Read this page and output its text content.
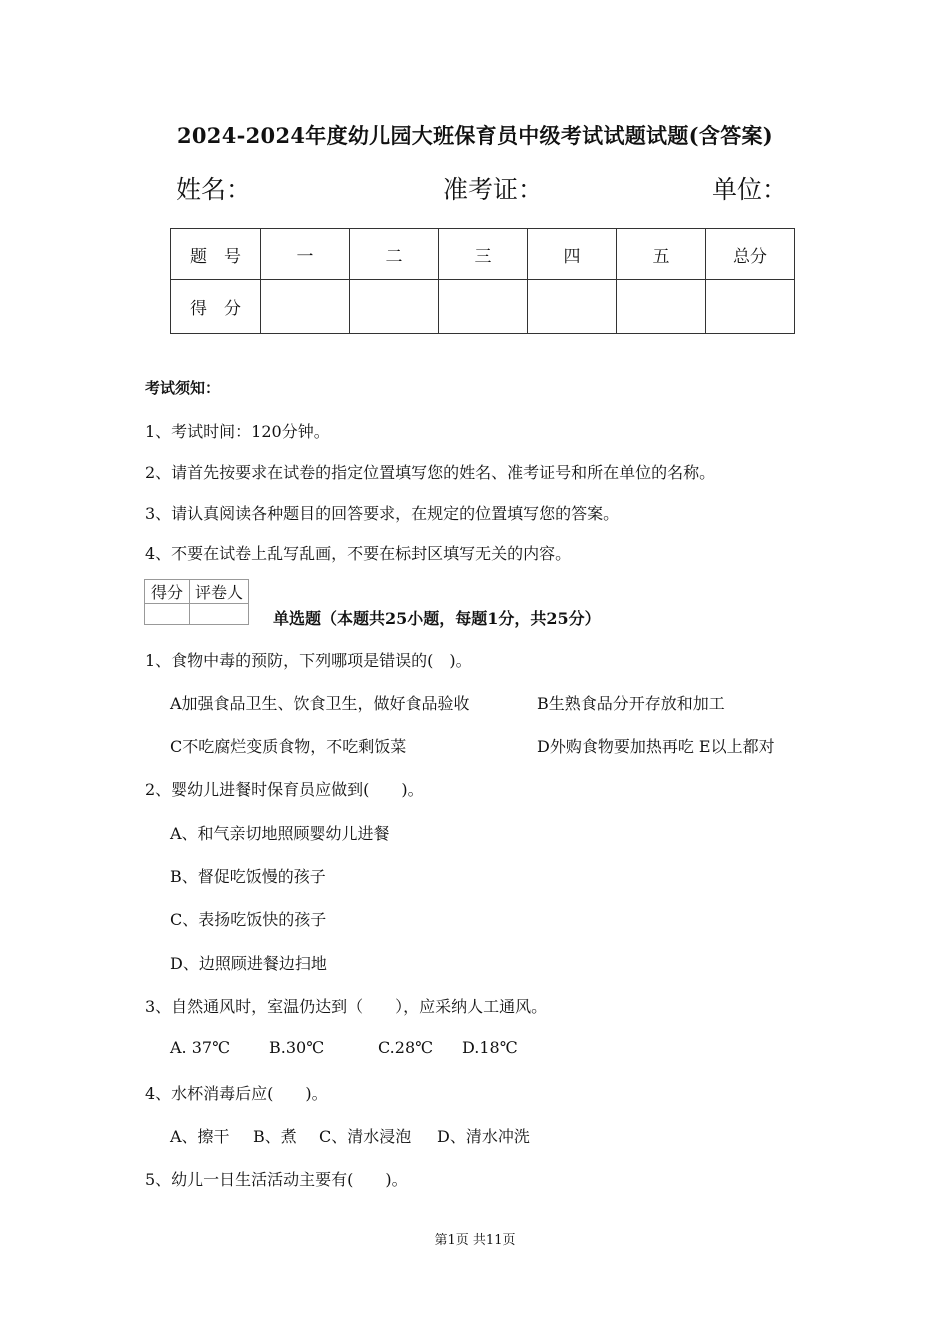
2024-2024年度幼儿园大班保育员中级考试试题试题(含答案)
姓名：	准考证：	单位：
题　号	一	二	三	四	五	总分
得　分						
考试须知：
1、考试时间：120分钟。
2、请首先按要求在试卷的指定位置填写您的姓名、准考证号和所在单位的名称。
3、请认真阅读各种题目的回答要求，在规定的位置填写您的答案。
4、不要在试卷上乱写乱画，不要在标封区填写无关的内容。
得分	评卷人

单选题（本题共25小题，每题1分，共25分）
1、食物中毒的预防，下列哪项是错误的(　)。
A加强食品卫生、饮食卫生，做好食品验收	B生熟食品分开存放和加工
C不吃腐烂变质食物，不吃剩饭菜	D外购食物要加热再吃 E以上都对
2、婴幼儿进餐时保育员应做到(　　)。
A、和气亲切地照顾婴幼儿进餐
B、督促吃饭慢的孩子
C、表扬吃饭快的孩子
D、边照顾进餐边扫地
3、自然通风时，室温仍达到（　　），应采纳人工通风。
A. 37℃ B.30℃	C.28℃ D.18℃
4、水杯消毒后应(　　)。
A、擦干 B、煮 C、清水浸泡 D、清水冲洗
5、幼儿一日生活活动主要有(　　)。
第1页 共11页
